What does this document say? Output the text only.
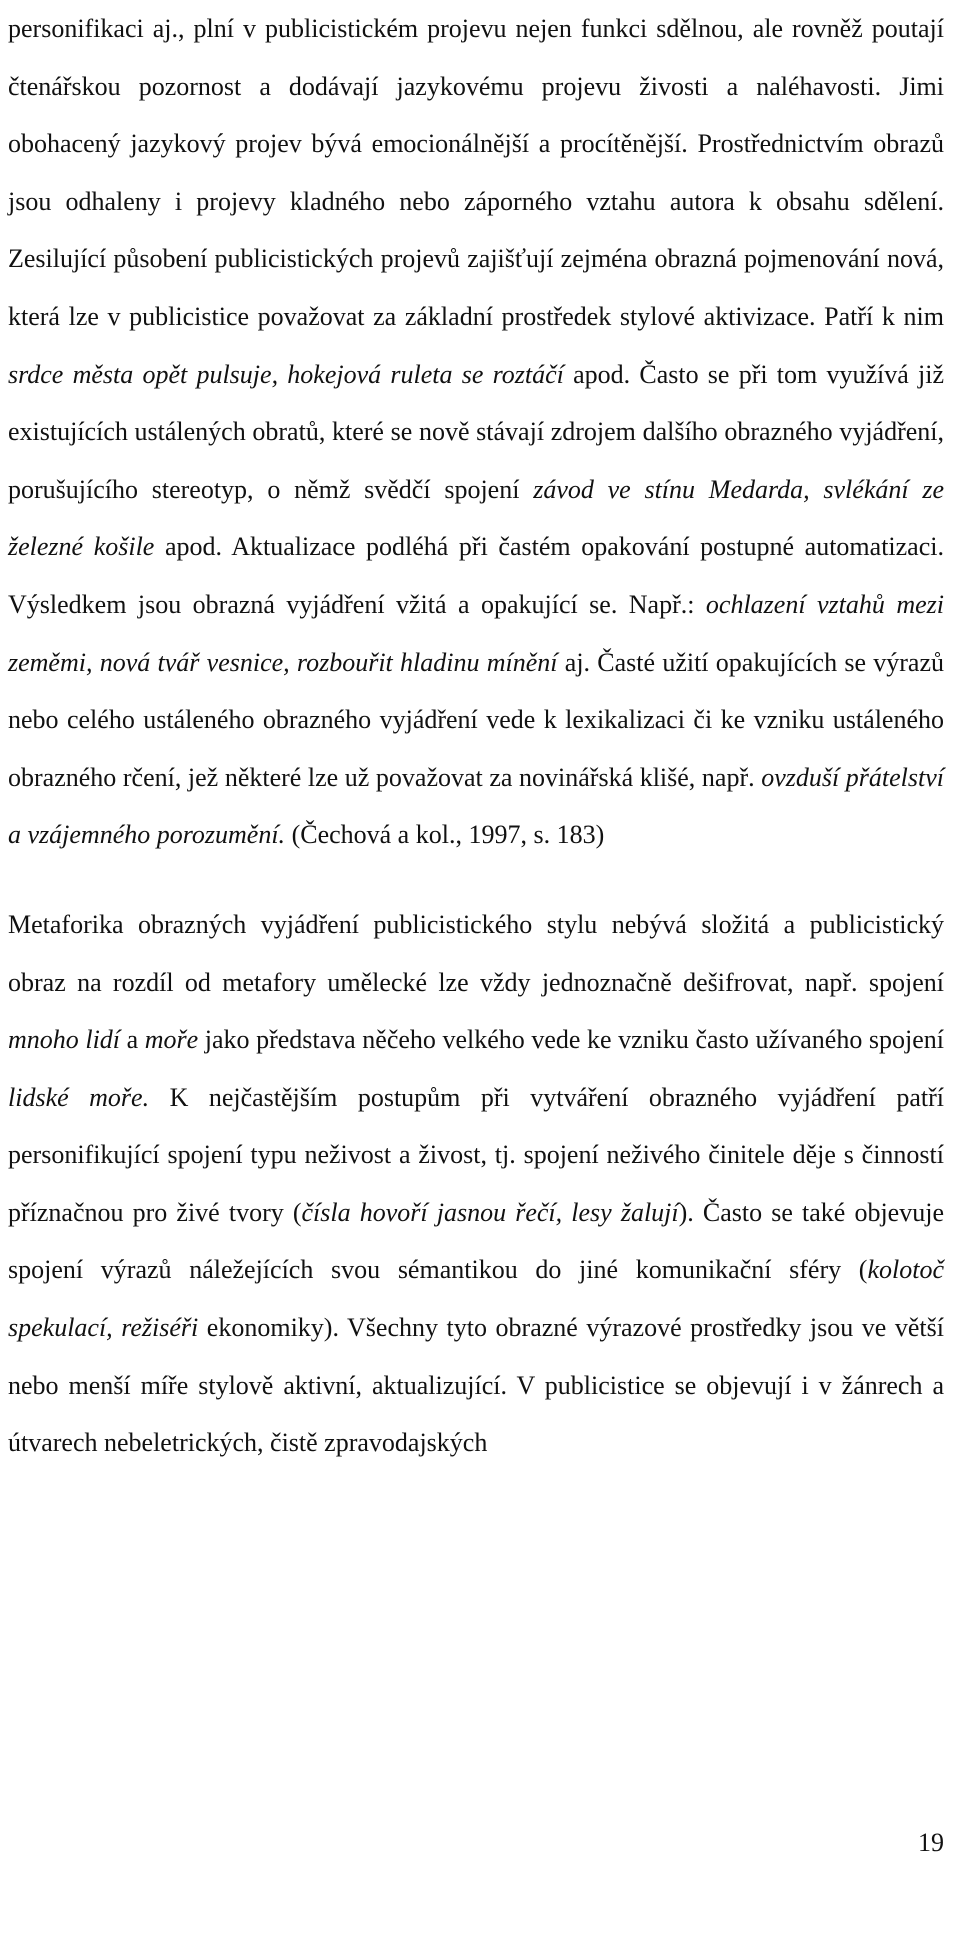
personifikaci aj., plní v publicistickém projevu nejen funkci sdělnou, ale rovněž poutají čtenářskou pozornost a dodávají jazykovému projevu živosti a naléhavosti. Jimi obohacený jazykový projev bývá emocionálnější a procítěnější. Prostřednictvím obrazů jsou odhaleny i projevy kladného nebo záporného vztahu autora k obsahu sdělení. Zesilující působení publicistických projevů zajišťují zejména obrazná pojmenování nová, která lze v publicistice považovat za základní prostředek stylové aktivizace. Patří k nim srdce města opět pulsuje, hokejová ruleta se roztáčí apod. Často se při tom využívá již existujících ustálených obratů, které se nově stávají zdrojem dalšího obrazného vyjádření, porušujícího stereotyp, o němž svědčí spojení závod ve stínu Medarda, svlékání ze železné košile apod. Aktualizace podléhá při častém opakování postupné automatizaci. Výsledkem jsou obrazná vyjádření vžitá a opakující se. Např.: ochlazení vztahů mezi zeměmi, nová tvář vesnice, rozbouřit hladinu mínění aj. Časté užití opakujících se výrazů nebo celého ustáleného obrazného vyjádření vede k lexikalizaci či ke vzniku ustáleného obrazného rčení, jež některé lze už považovat za novinářská klišé, např. ovzduší přátelství a vzájemného porozumění. (Čechová a kol., 1997, s. 183)

Metaforika obrazných vyjádření publicistického stylu nebývá složitá a publicistický obraz na rozdíl od metafory umělecké lze vždy jednoznačně dešifrovat, např. spojení mnoho lidí a moře jako představa něčeho velkého vede ke vzniku často užívaného spojení lidské moře. K nejčastějším postupům při vytváření obrazného vyjádření patří personifikující spojení typu neživost a živost, tj. spojení neživého činitele děje s činností příznačnou pro živé tvory (čísla hovoří jasnou řečí, lesy žalují). Často se také objevuje spojení výrazů náležejících svou sémantikou do jiné komunikační sféry (kolotoč spekulací, režiséři ekonomiky). Všechny tyto obrazné výrazové prostředky jsou ve větší nebo menší míře stylově aktivní, aktualizující. V publicistice se objevují i v žánrech a útvarech nebeletrických, čistě zpravodajských

19
